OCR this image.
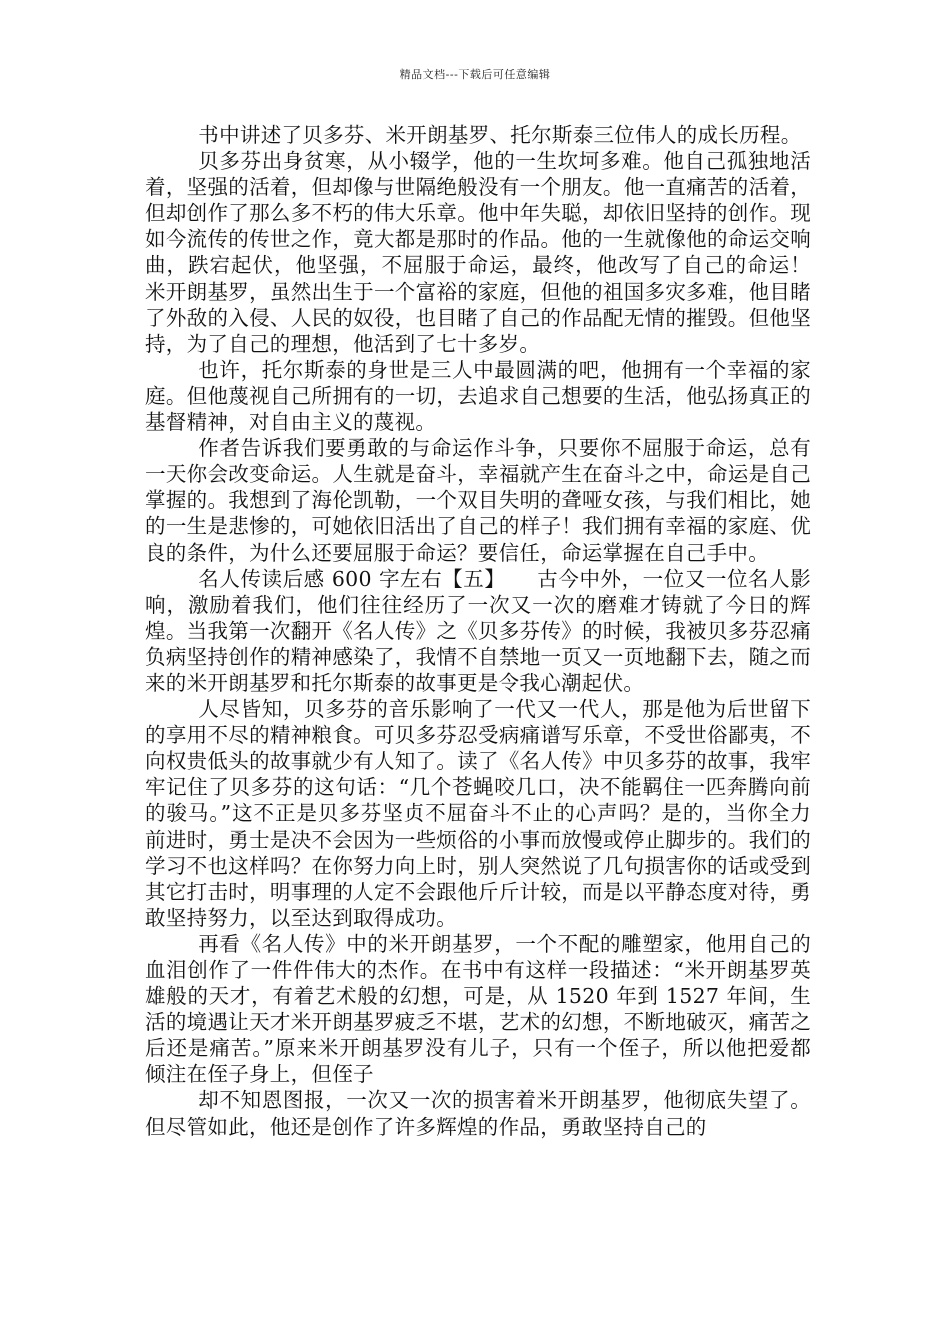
精品文档---下载后可任意编辑

书中讲述了贝多芬、米开朗基罗、托尔斯泰三位伟人的成长历程。

贝多芬出身贫寒，从小辍学，他的一生坎坷多难。他自己孤独地活着，坚强的活着，但却像与世隔绝般没有一个朋友。他一直痛苦的活着，但却创作了那么多不朽的伟大乐章。他中年失聪，却依旧坚持的创作。现如今流传的传世之作，竟大都是那时的作品。他的一生就像他的命运交响曲，跌宕起伏，他坚强，不屈服于命运，最终，他改写了自己的命运！　　米开朗基罗，虽然出生于一个富裕的家庭，但他的祖国多灾多难，他目睹了外敌的入侵、人民的奴役，也目睹了自己的作品配无情的摧毁。但他坚持，为了自己的理想，他活到了七十多岁。

也许，托尔斯泰的身世是三人中最圆满的吧，他拥有一个幸福的家庭。但他蔑视自己所拥有的一切，去追求自己想要的生活，他弘扬真正的基督精神，对自由主义的蔑视。

作者告诉我们要勇敢的与命运作斗争，只要你不屈服于命运，总有一天你会改变命运。人生就是奋斗，幸福就产生在奋斗之中，命运是自己掌握的。我想到了海伦凯勒，一个双目失明的聋哑女孩，与我们相比，她的一生是悲惨的，可她依旧活出了自己的样子！我们拥有幸福的家庭、优良的条件，为什么还要屈服于命运？要信任，命运掌握在自己手中。

名人传读后感 600 字左右【五】　　古今中外，一位又一位名人影响，激励着我们，他们往往经历了一次又一次的磨难才铸就了今日的辉煌。当我第一次翻开《名人传》之《贝多芬传》的时候，我被贝多芬忍痛负病坚持创作的精神感染了，我情不自禁地一页又一页地翻下去，随之而来的米开朗基罗和托尔斯泰的故事更是令我心潮起伏。

人尽皆知，贝多芬的音乐影响了一代又一代人，那是他为后世留下的享用不尽的精神粮食。可贝多芬忍受病痛谱写乐章，不受世俗鄙夷，不向权贵低头的故事就少有人知了。读了《名人传》中贝多芬的故事，我牢牢记住了贝多芬的这句话：“几个苍蝇咬几口，决不能羁住一匹奔腾向前的骏马。”这不正是贝多芬坚贞不屈奋斗不止的心声吗？是的，当你全力前进时，勇士是决不会因为一些烦俗的小事而放慢或停止脚步的。我们的学习不也这样吗？在你努力向上时，别人突然说了几句损害你的话或受到其它打击时，明事理的人定不会跟他斤斤计较，而是以平静态度对待，勇敢坚持努力，以至达到取得成功。

再看《名人传》中的米开朗基罗，一个不配的雕塑家，他用自己的血泪创作了一件件伟大的杰作。在书中有这样一段描述：“米开朗基罗英雄般的天才，有着艺术般的幻想，可是，从 1520 年到 1527 年间，生活的境遇让天才米开朗基罗疲乏不堪，艺术的幻想，不断地破灭，痛苦之后还是痛苦。”原来米开朗基罗没有儿子，只有一个侄子，所以他把爱都倾注在侄子身上，但侄子

却不知恩图报，一次又一次的损害着米开朗基罗，他彻底失望了。但尽管如此，他还是创作了许多辉煌的作品，勇敢坚持自己的
